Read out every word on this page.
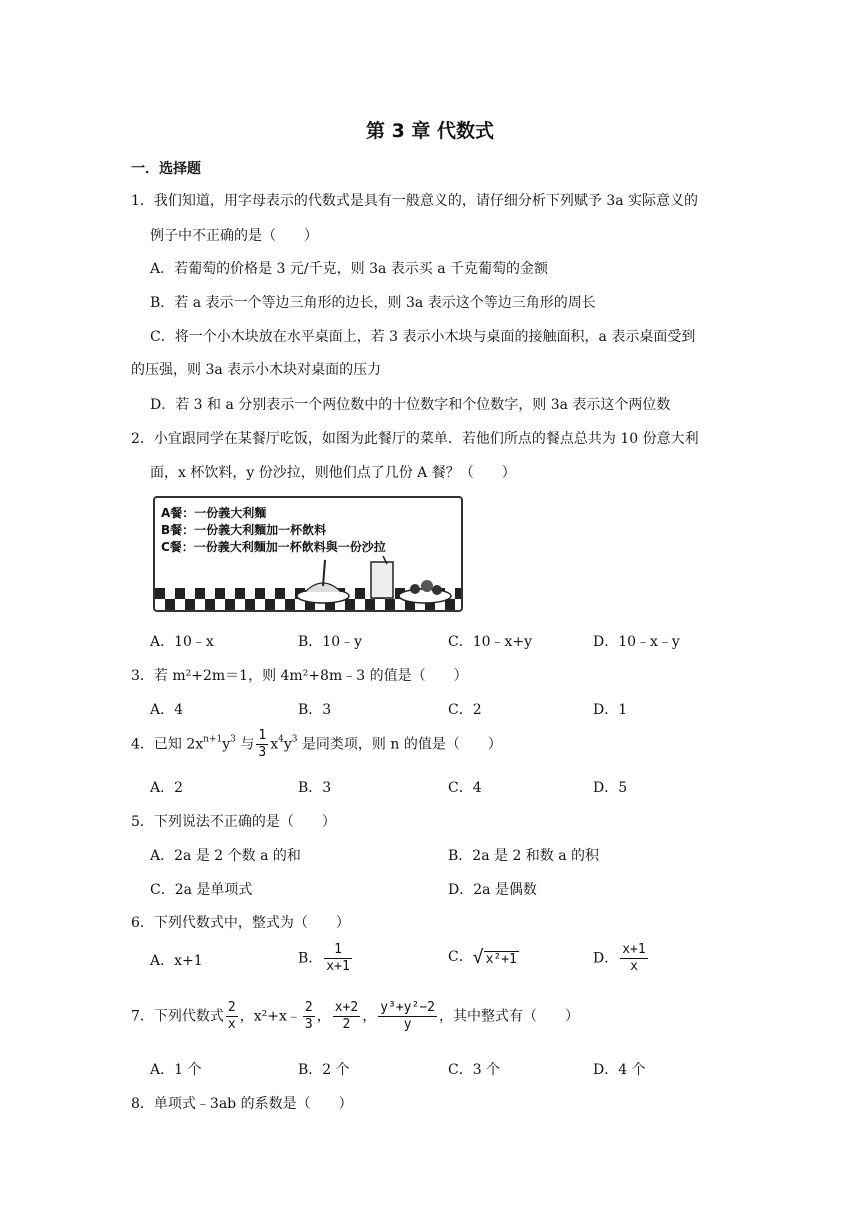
第 3 章 代数式
一．选择题
1．我们知道，用字母表示的代数式是具有一般意义的，请仔细分析下列赋予 3a 实际意义的
例子中不正确的是（　　）
A．若葡萄的价格是 3 元/千克，则 3a 表示买 a 千克葡萄的金额
B．若 a 表示一个等边三角形的边长，则 3a 表示这个等边三角形的周长
C．将一个小木块放在水平桌面上，若 3 表示小木块与桌面的接触面积，a 表示桌面受到
的压强，则 3a 表示小木块对桌面的压力
D．若 3 和 a 分别表示一个两位数中的十位数字和个位数字，则 3a 表示这个两位数
2．小宜跟同学在某餐厅吃饭，如图为此餐厅的菜单．若他们所点的餐点总共为 10 份意大利
面，x 杯饮料，y 份沙拉，则他们点了几份 A 餐？（　　）
A餐：一份義大利麵
B餐：一份義大利麵加一杯飲料
C餐：一份義大利麵加一杯飲料與一份沙拉
A．10﹣x	B．10﹣y	C．10﹣x+y	D．10﹣x﹣y
3．若 m²+2m＝1，则 4m²+8m﹣3 的值是（　　）
A．4	B．3	C．2	D．1
4．已知 $2x^{n+1}y^3$ 与 $\frac{1}{3} x^4y^3$ 是同类项，则 n 的值是（　　）
A．2	B．3	C．4	D．5
5．下列说法不正确的是（　　）
A．2a 是 2 个数 a 的和	B．2a 是 2 和数 a 的积
C．2a 是单项式	D．2a 是偶数
6．下列代数式中，整式为（　　）
A．x+1	B． $\frac{1}{x+1}$	C．√ x²+1	D． $\frac{x+1}{x}$
7．下列代数式 $\frac{2}{x}$ ，x²+x﹣ $\frac{2}{3}$ ， $\frac{x+2}{2}$ ， $\frac{\text{y³+y²−2}}{y}$ ，其中整式有（　　）
A．1 个	B．2 个	C．3 个	D．4 个
8．单项式﹣3ab 的系数是（　　）
